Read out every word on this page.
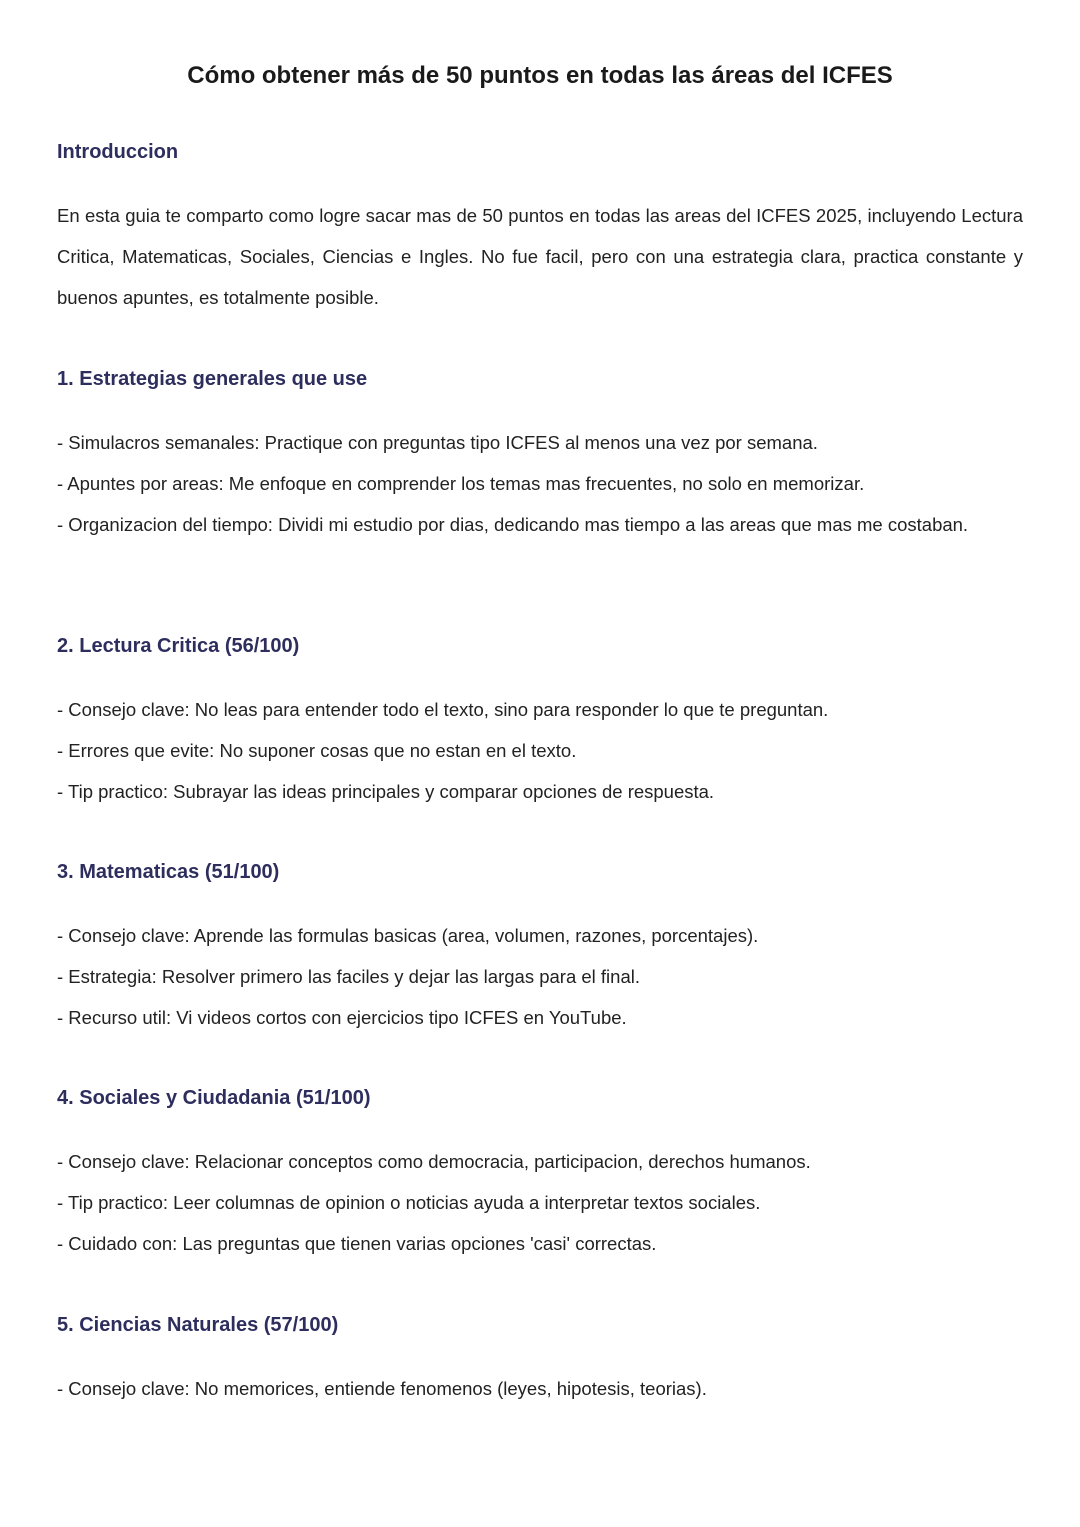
Cómo obtener más de 50 puntos en todas las áreas del ICFES
Introduccion

En esta guia te comparto como logre sacar mas de 50 puntos en todas las areas del ICFES 2025, incluyendo Lectura Critica, Matematicas, Sociales, Ciencias e Ingles. No fue facil, pero con una estrategia clara, practica constante y buenos apuntes, es totalmente posible.

1. Estrategias generales que use

- Simulacros semanales: Practique con preguntas tipo ICFES al menos una vez por semana.

- Apuntes por areas: Me enfoque en comprender los temas mas frecuentes, no solo en memorizar.

- Organizacion del tiempo: Dividi mi estudio por dias, dedicando mas tiempo a las areas que mas me costaban.

2. Lectura Critica (56/100)

- Consejo clave: No leas para entender todo el texto, sino para responder lo que te preguntan.

- Errores que evite: No suponer cosas que no estan en el texto.

- Tip practico: Subrayar las ideas principales y comparar opciones de respuesta.

3. Matematicas (51/100)

- Consejo clave: Aprende las formulas basicas (area, volumen, razones, porcentajes).

- Estrategia: Resolver primero las faciles y dejar las largas para el final.

- Recurso util: Vi videos cortos con ejercicios tipo ICFES en YouTube.

4. Sociales y Ciudadania (51/100)

- Consejo clave: Relacionar conceptos como democracia, participacion, derechos humanos.

- Tip practico: Leer columnas de opinion o noticias ayuda a interpretar textos sociales.

- Cuidado con: Las preguntas que tienen varias opciones 'casi' correctas.

5. Ciencias Naturales (57/100)

- Consejo clave: No memorices, entiende fenomenos (leyes, hipotesis, teorias).
